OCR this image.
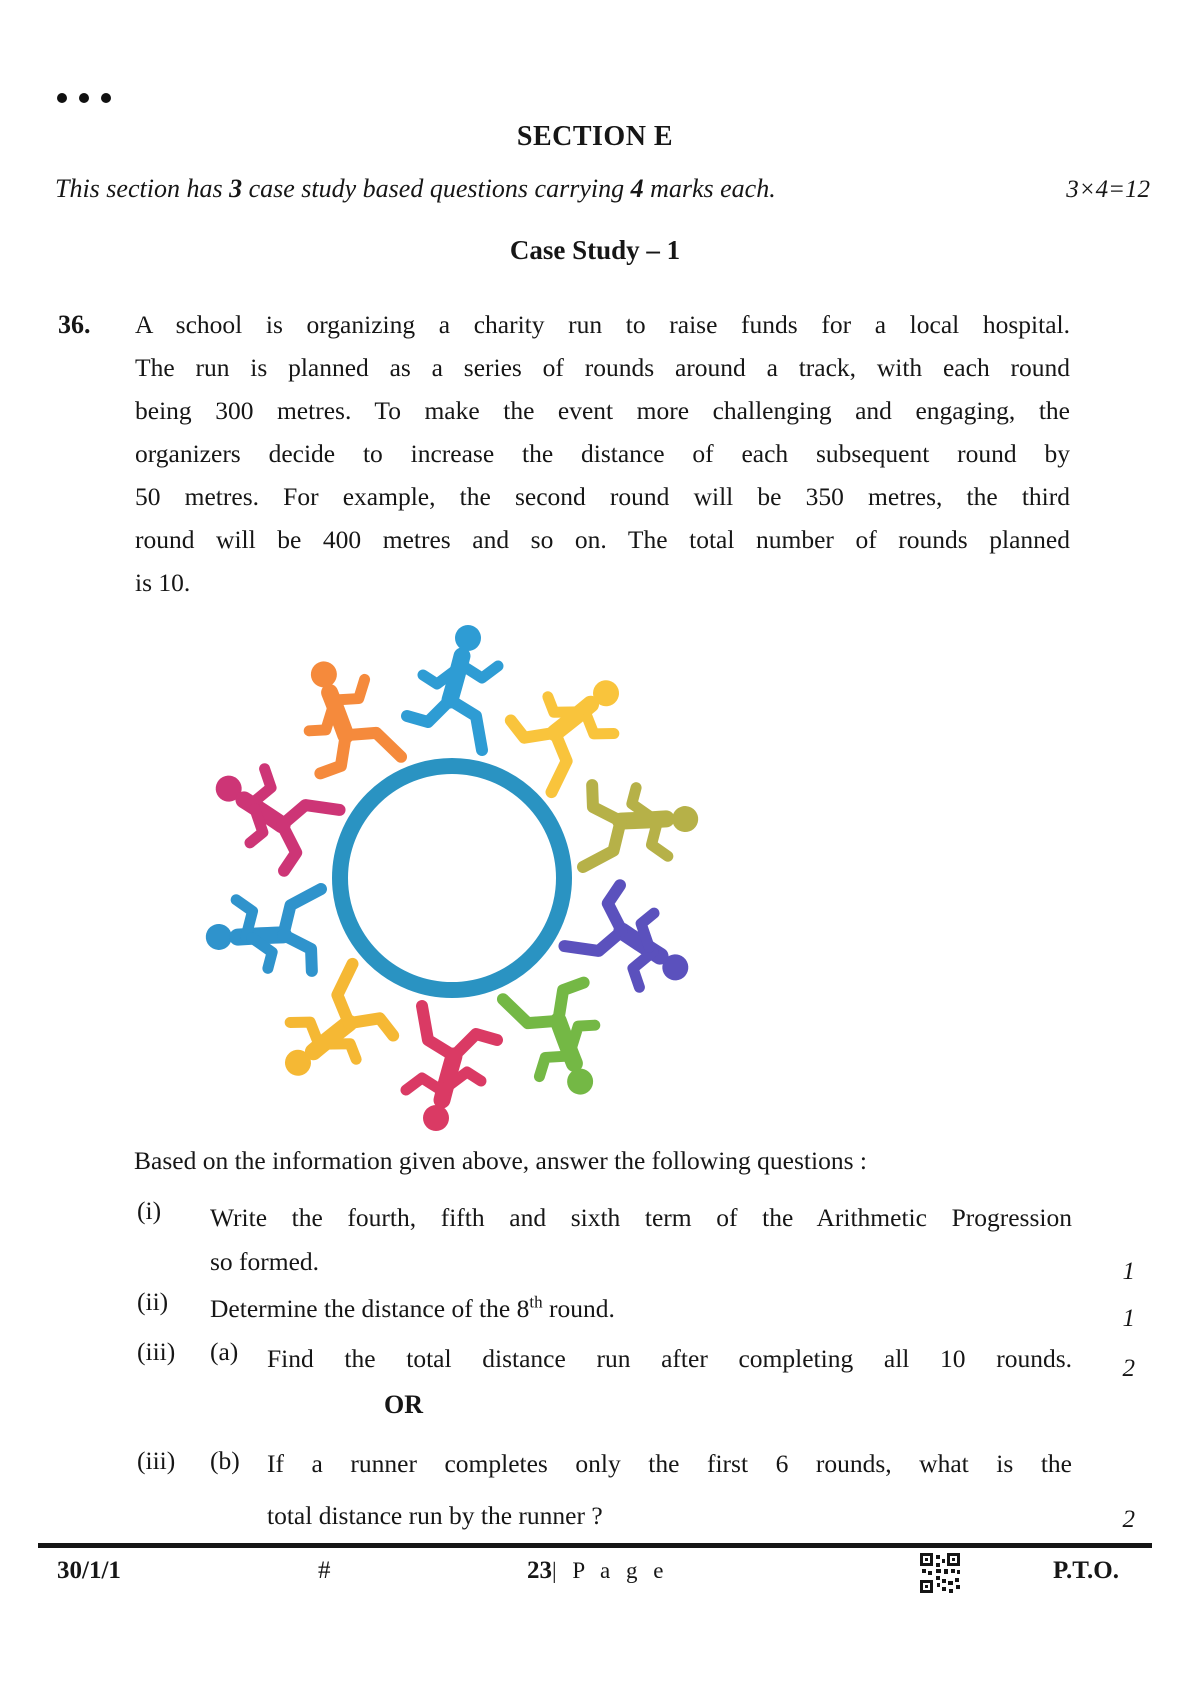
SECTION E
This section has 3 case study based questions carrying 4 marks each.	3×4=12
Case Study – 1
36. A school is organizing a charity run to raise funds for a local hospital.
The run is planned as a series of rounds around a track, with each round
being 300 metres. To make the event more challenging and engaging, the
organizers decide to increase the distance of each subsequent round by
50 metres. For example, the second round will be 350 metres, the third
round will be 400 metres and so on. The total number of rounds planned
is 10.
Based on the information given above, answer the following questions :
(i) Write the fourth, fifth and sixth term of the Arithmetic Progression
so formed.	1
(ii) Determine the distance of the 8th round.	1
(iii) (a) Find the total distance run after completing all 10 rounds. 2
OR
(iii) (b) If a runner completes only the first 6 rounds, what is the
total distance run by the runner ?	2
30/1/1	#	23| P a g e	P.T.O.
